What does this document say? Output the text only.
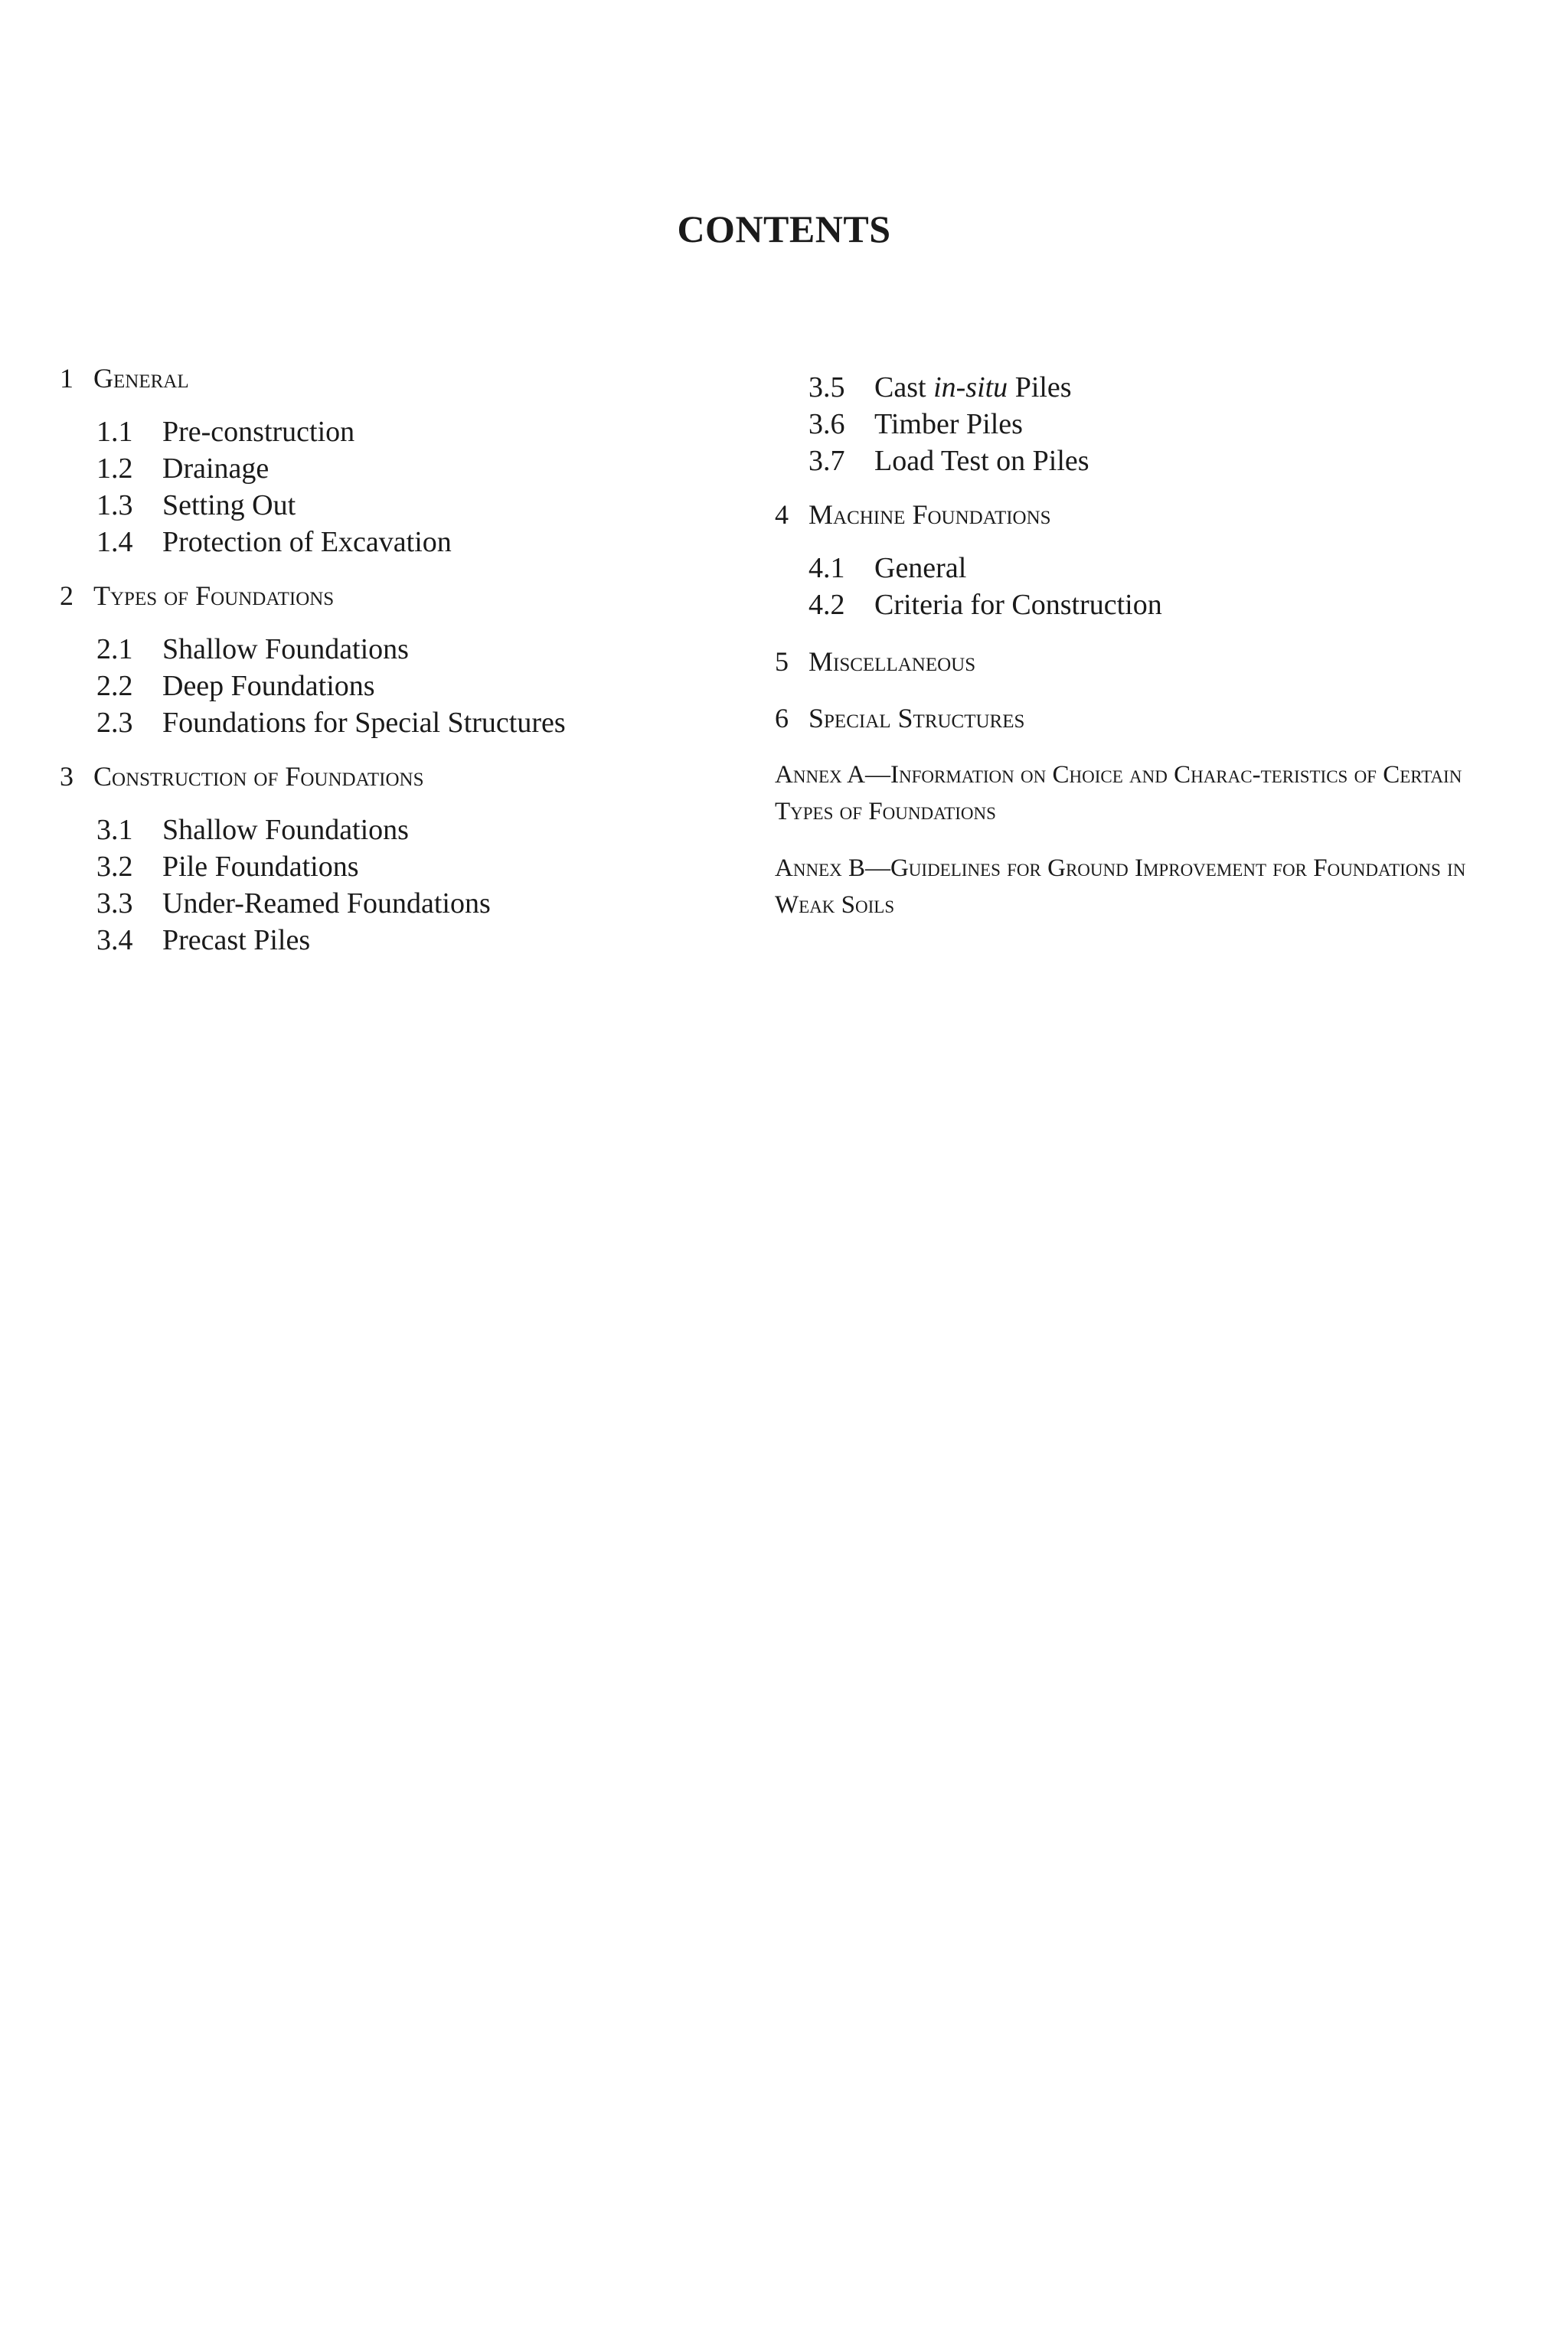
CONTENTS
1 General
1.1 Pre-construction
1.2 Drainage
1.3 Setting Out
1.4 Protection of Excavation
2 Types of Foundations
2.1 Shallow Foundations
2.2 Deep Foundations
2.3 Foundations for Special Structures
3 Construction of Foundations
3.1 Shallow Foundations
3.2 Pile Foundations
3.3 Under-Reamed Foundations
3.4 Precast Piles
3.5 Cast in-situ Piles
3.6 Timber Piles
3.7 Load Test on Piles
4 Machine Foundations
4.1 General
4.2 Criteria for Construction
5 Miscellaneous
6 Special Structures
Annex A—Information on Choice and Charac-teristics of Certain Types of Foundations
Annex B—Guidelines for Ground Improvement for Foundations in Weak Soils
